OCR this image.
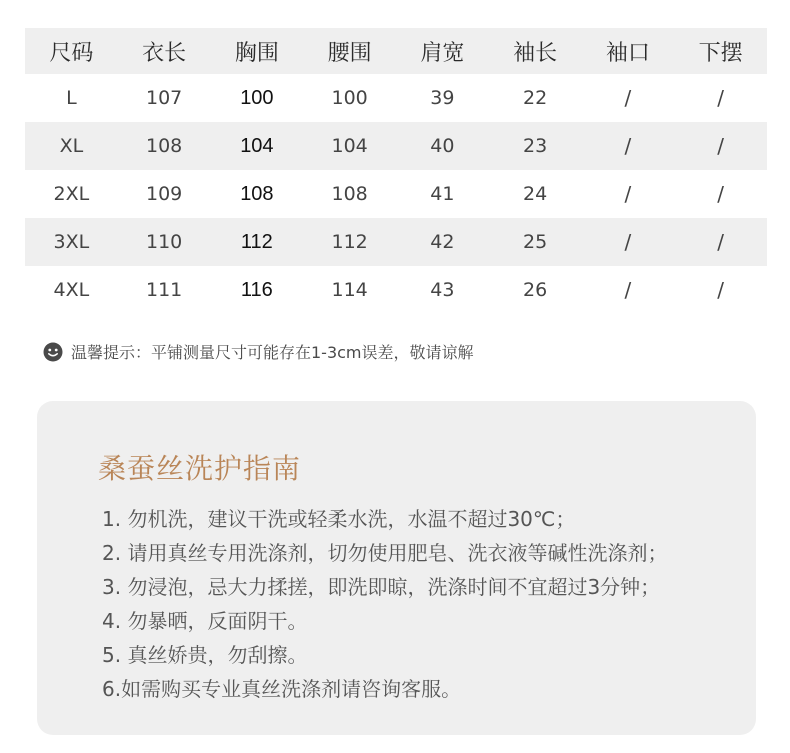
尺码	衣长	胸围	腰围	肩宽	袖长	袖口	下摆
L	107	100	100	39	22	/	/
XL	108	104	104	40	23	/	/
2XL	109	108	108	41	24	/	/
3XL	110	112	112	42	25	/	/
4XL	111	116	114	43	26	/	/
温馨提示：平铺测量尺寸可能存在1-3cm误差，敬请谅解
桑蚕丝洗护指南
1. 勿机洗，建议干洗或轻柔水洗，水温不超过30℃；
2. 请用真丝专用洗涤剂，切勿使用肥皂、洗衣液等碱性洗涤剂；
3. 勿浸泡，忌大力揉搓，即洗即晾，洗涤时间不宜超过3分钟；
4. 勿暴晒，反面阴干。
5. 真丝娇贵，勿刮擦。
6.如需购买专业真丝洗涤剂请咨询客服。
